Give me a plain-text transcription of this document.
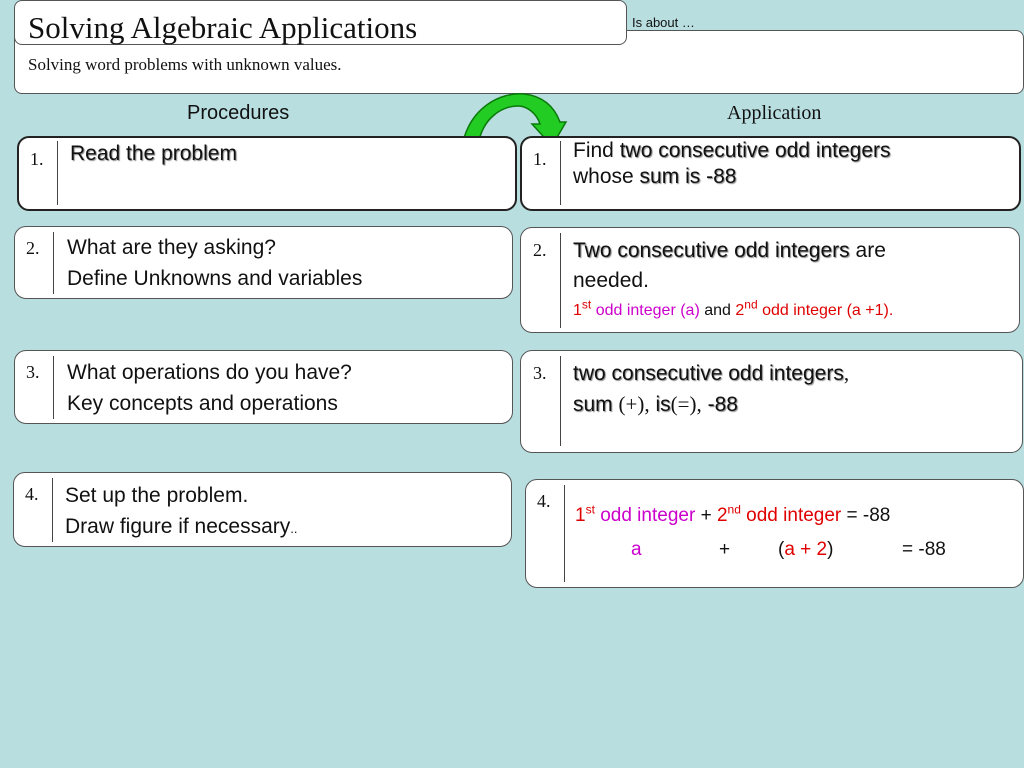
Solving Algebraic Applications	Is about …
Solving word problems with unknown values.
Procedures	Application
1. Read the problem
2. What are they asking?
Define Unknowns and variables
3. What operations do you have?
Key concepts and operations
4. Set up the problem.
Draw figure if necessary..
1. Find two consecutive odd integers
whose sum is -88
2. Two consecutive odd integers are
needed.
1st odd integer (a) and 2nd odd integer (a +1).
3. two consecutive odd integers,
sum (+), is(=), -88
4.
1st odd integer + 2nd odd integer = -88
a	+	(a + 2)	= -88
